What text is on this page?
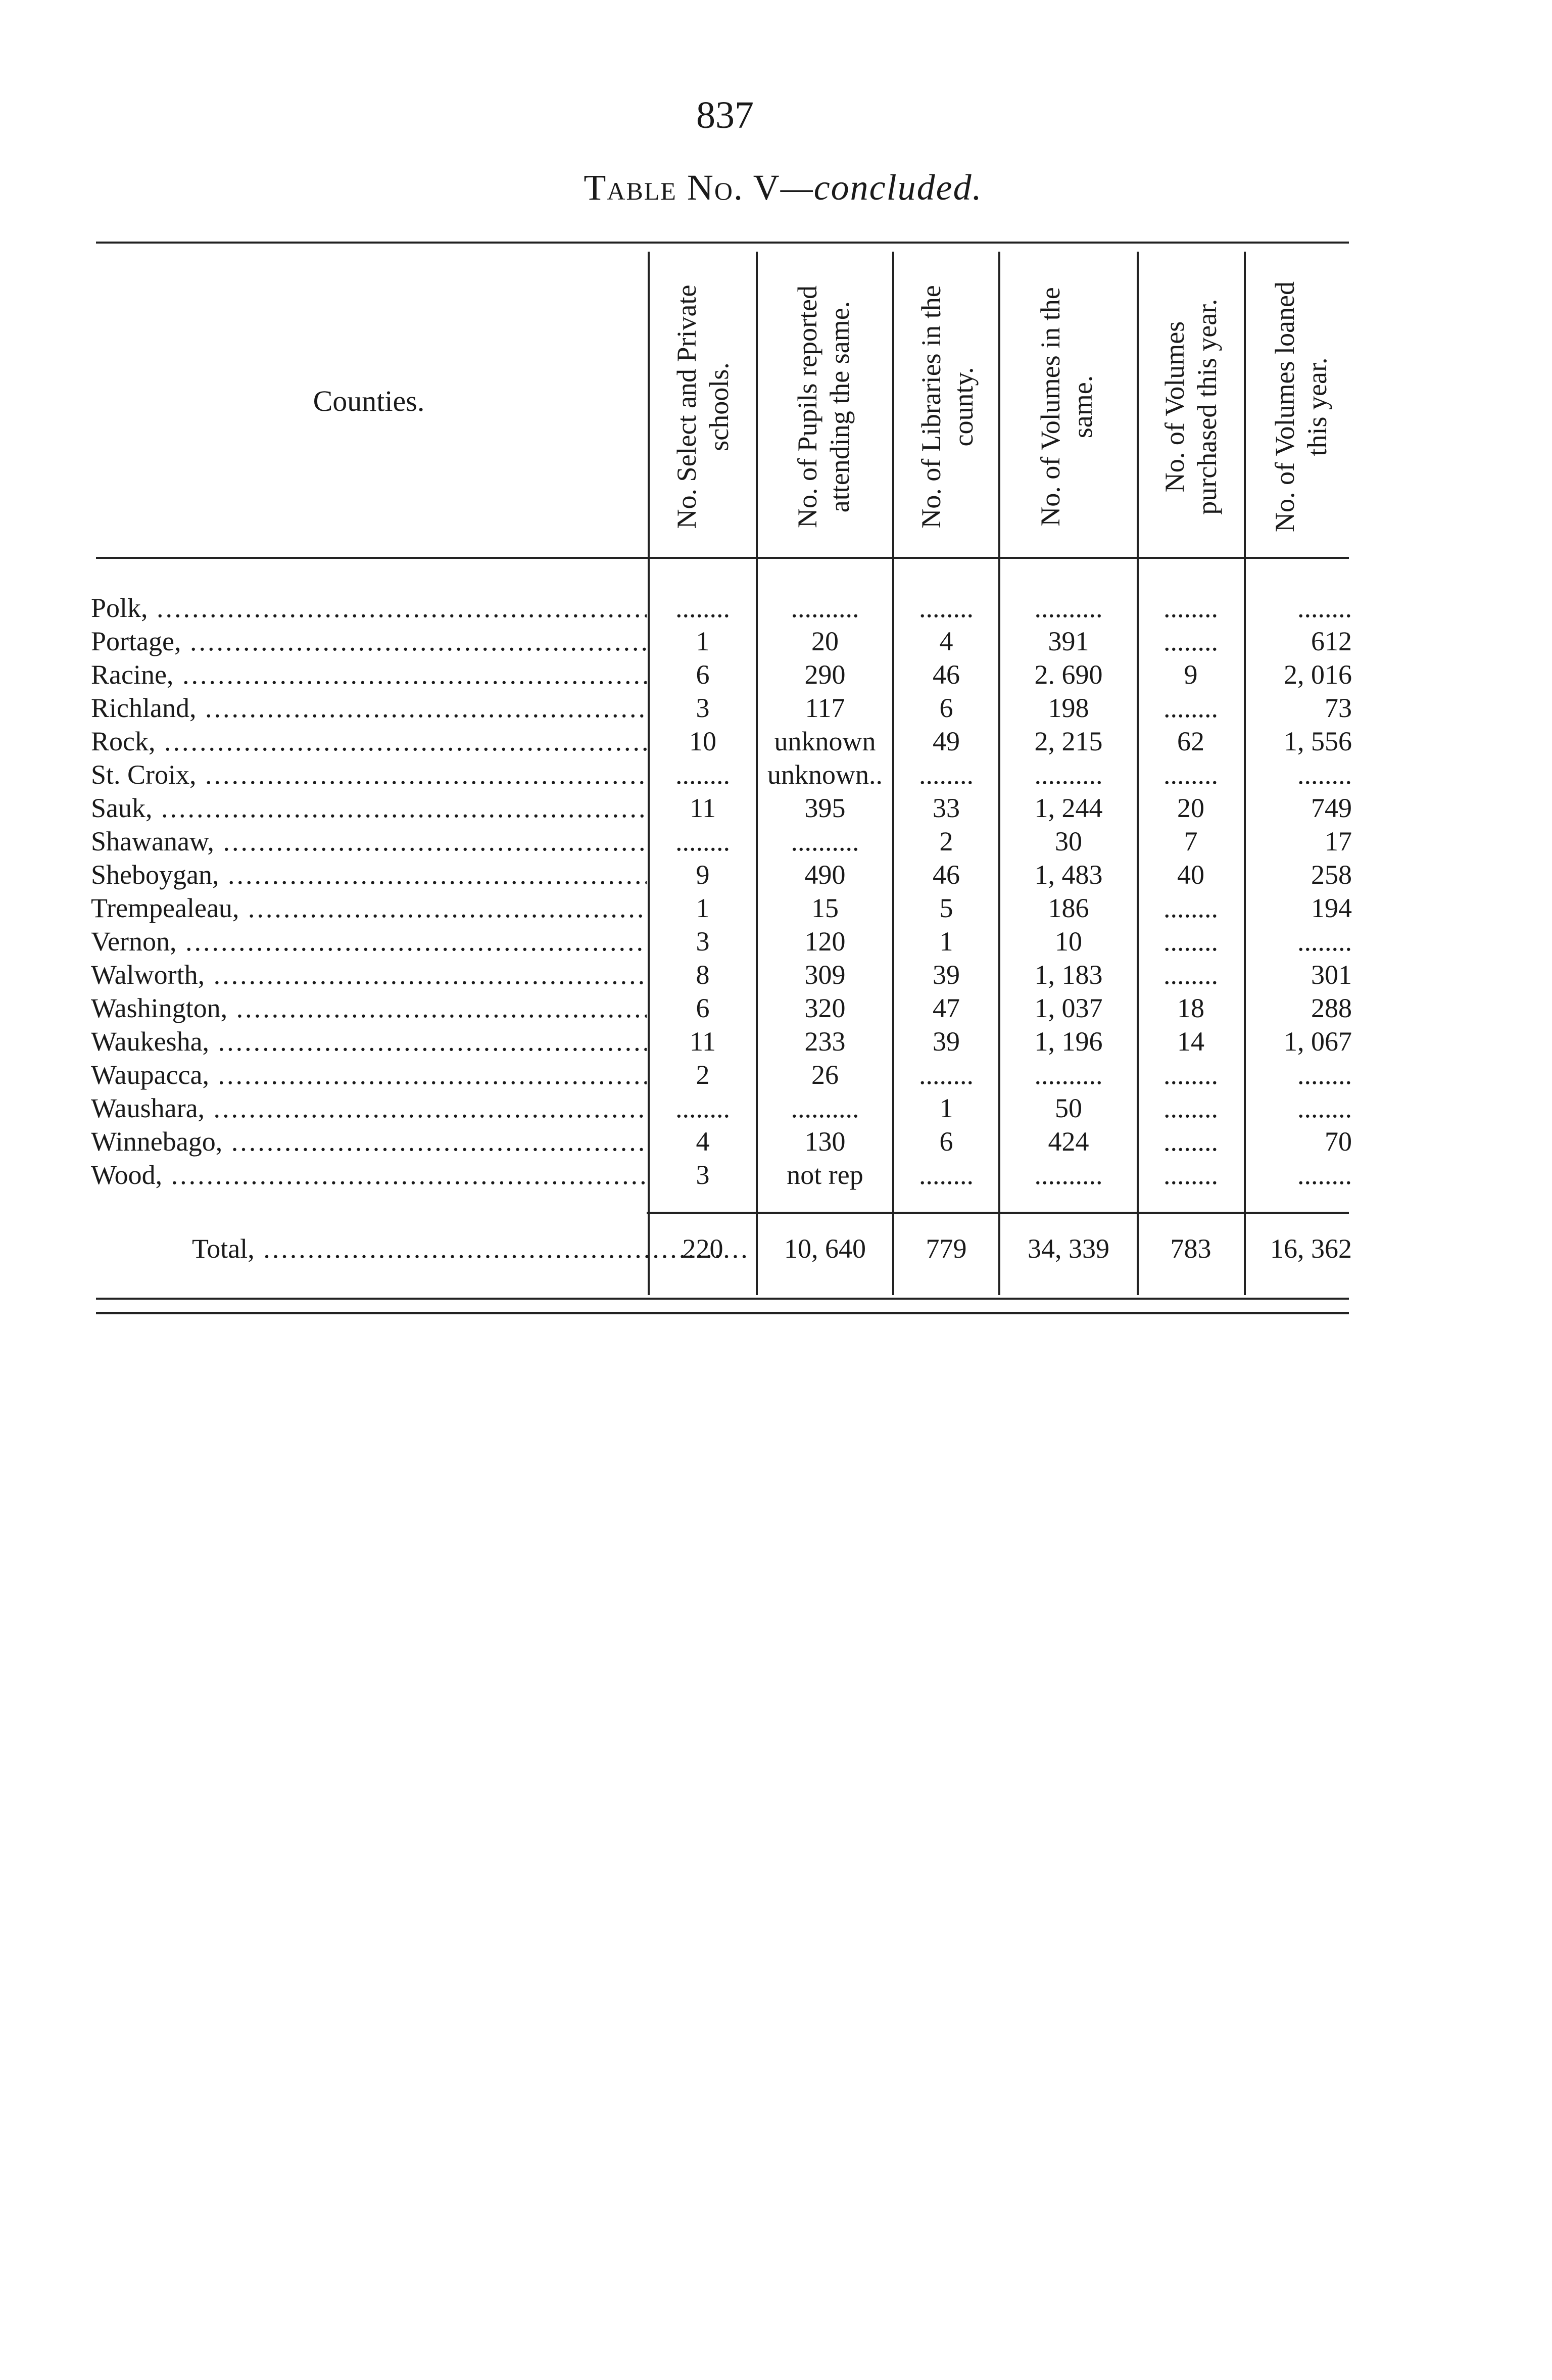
837
Table No. V—concluded.
Counties.	No. Select and Private schools.	No. of Pupils reported attending the same.	No. of Libraries in the county.	No. of Volumes in the same.	No. of Volumes purchased this year.	No. of Volumes loaned this year.
Polk, .....	........	..........	........	..........	........	........
Portage, .....	1	20	4	391	........	612
Racine, .....	6	290	46	2. 690	9	2, 016
Richland, .....	3	117	6	198	........	73
Rock, .....	10	unknown	49	2, 215	62	1, 556
St. Croix, .....	........	unknown..	........	..........	........	........
Sauk, .....	11	395	33	1, 244	20	749
Shawanaw, .....	........	..........	2	30	7	17
Sheboygan, .....	9	490	46	1, 483	40	258
Trempealeau, .....	1	15	5	186	........	194
Vernon, .....	3	120	1	10	........	........
Walworth, .....	8	309	39	1, 183	........	301
Washington, .....	6	320	47	1, 037	18	288
Waukesha, .....	11	233	39	1, 196	14	1, 067
Waupacca, .....	2	26	........	..........	........	........
Waushara, .....	........	..........	1	50	........	........
Winnebago, .....	4	130	6	424	........	70
Wood, .....	3	not rep	........	..........	........	........
Total, .....	220	10, 640	779	34, 339	783	16, 362
